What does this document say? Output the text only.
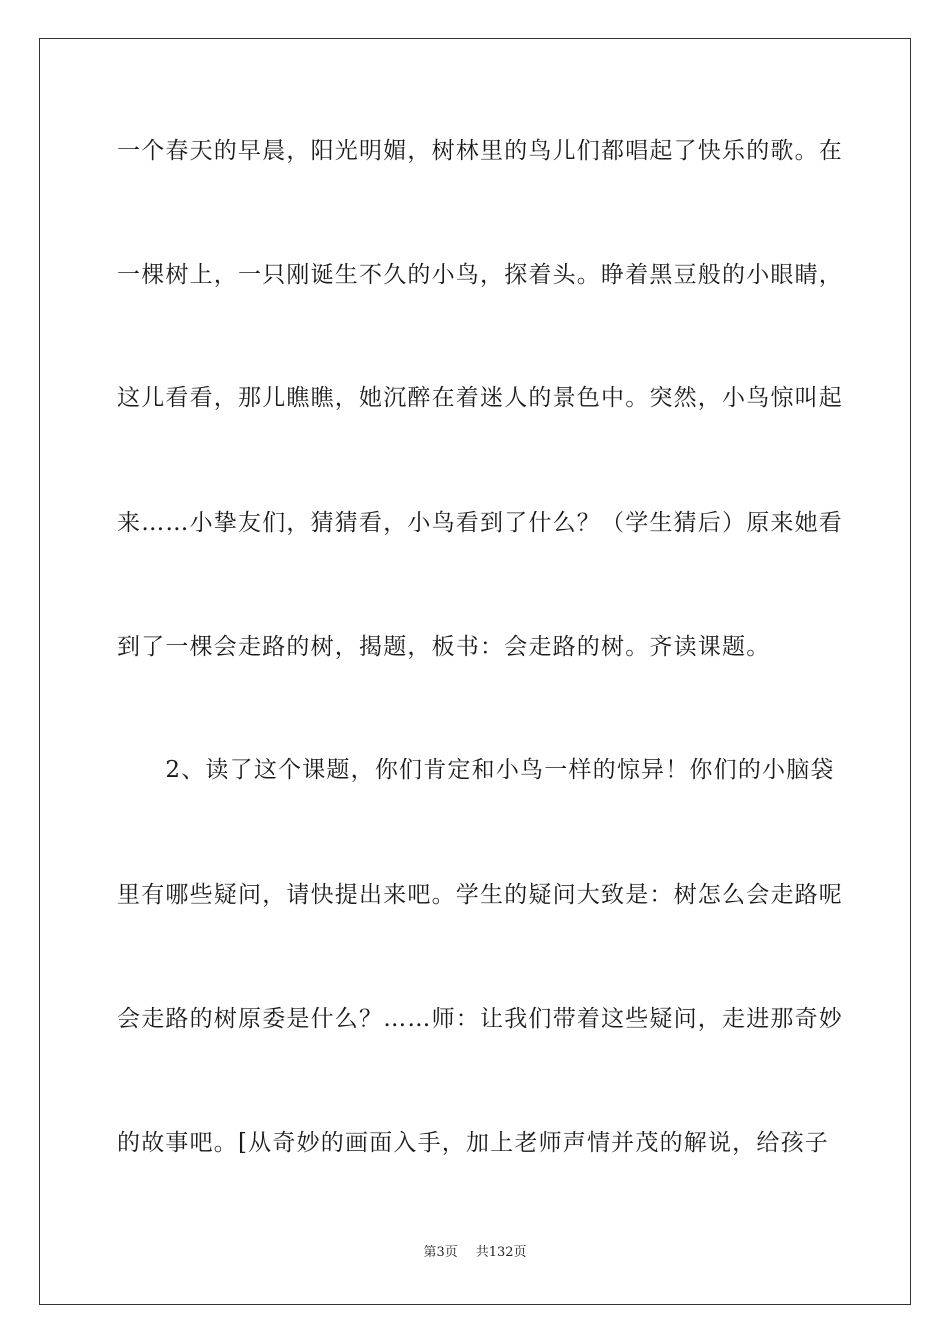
一个春天的早晨，阳光明媚，树林里的鸟儿们都唱起了快乐的歌。在
一棵树上，一只刚诞生不久的小鸟，探着头。睁着黑豆般的小眼睛，
这儿看看，那儿瞧瞧，她沉醉在着迷人的景色中。突然，小鸟惊叫起
来……小挚友们，猜猜看，小鸟看到了什么？（学生猜后）原来她看
到了一棵会走路的树，揭题，板书：会走路的树。齐读课题。
　　2、读了这个课题，你们肯定和小鸟一样的惊异！你们的小脑袋
里有哪些疑问，请快提出来吧。学生的疑问大致是：树怎么会走路呢
会走路的树原委是什么？……师：让我们带着这些疑问，走进那奇妙
的故事吧。[从奇妙的画面入手，加上老师声情并茂的解说，给孩子
第3页 共132页
